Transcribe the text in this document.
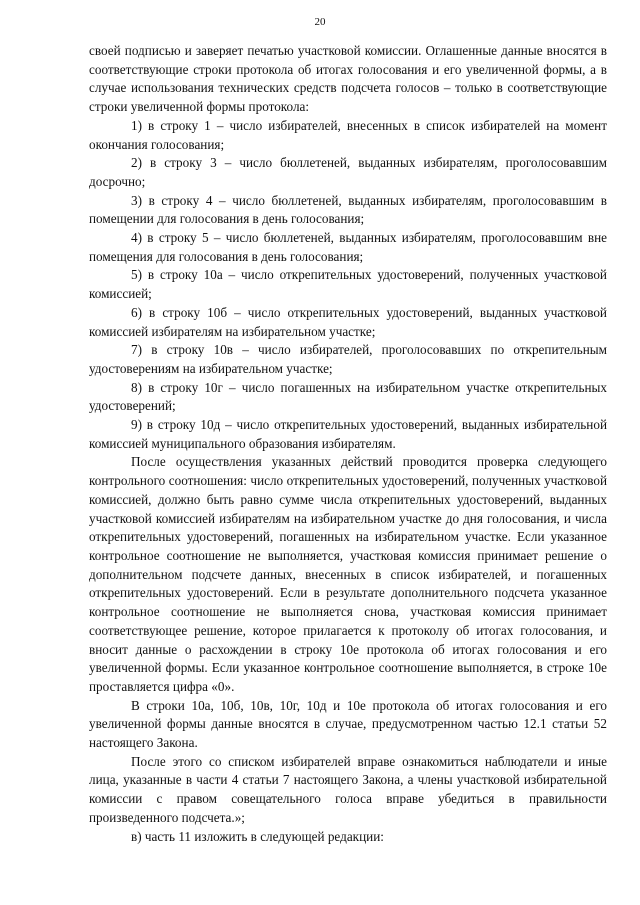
20

своей подписью и заверяет печатью участковой комиссии. Оглашенные данные вносятся в соответствующие строки протокола об итогах голосования и его увеличенной формы, а в случае использования технических средств подсчета голосов – только в соответствующие строки увеличенной формы протокола:

1) в строку 1 – число избирателей, внесенных в список избирателей на момент окончания голосования;

2) в строку 3 – число бюллетеней, выданных избирателям, проголосовавшим досрочно;

3) в строку 4 – число бюллетеней, выданных избирателям, проголосовавшим в помещении для голосования в день голосования;

4) в строку 5 – число бюллетеней, выданных избирателям, проголосовавшим вне помещения для голосования в день голосования;

5) в строку 10а – число открепительных удостоверений, полученных участковой комиссией;

6) в строку 10б – число открепительных удостоверений, выданных участковой комиссией избирателям на избирательном участке;

7) в строку 10в – число избирателей, проголосовавших по открепительным удостоверениям на избирательном участке;

8) в строку 10г – число погашенных на избирательном участке открепительных удостоверений;

9) в строку 10д – число открепительных удостоверений, выданных избирательной комиссией муниципального образования избирателям.

После осуществления указанных действий проводится проверка следующего контрольного соотношения: число открепительных удостоверений, полученных участковой комиссией, должно быть равно сумме числа открепительных удостоверений, выданных участковой комиссией избирателям на избирательном участке до дня голосования, и числа открепительных удостоверений, погашенных на избирательном участке. Если указанное контрольное соотношение не выполняется, участковая комиссия принимает решение о дополнительном подсчете данных, внесенных в список избирателей, и погашенных открепительных удостоверений. Если в результате дополнительного подсчета указанное контрольное соотношение не выполняется снова, участковая комиссия принимает соответствующее решение, которое прилагается к протоколу об итогах голосования, и вносит данные о расхождении в строку 10е протокола об итогах голосования и его увеличенной формы. Если указанное контрольное соотношение выполняется, в строке 10е проставляется цифра «0».

В строки 10а, 10б, 10в, 10г, 10д и 10е протокола об итогах голосования и его увеличенной формы данные вносятся в случае, предусмотренном частью 12.1 статьи 52 настоящего Закона.

После этого со списком избирателей вправе ознакомиться наблюдатели и иные лица, указанные в части 4 статьи 7 настоящего Закона, а члены участковой избирательной комиссии с правом совещательного голоса вправе убедиться в правильности произведенного подсчета.»;

в) часть 11 изложить в следующей редакции:
